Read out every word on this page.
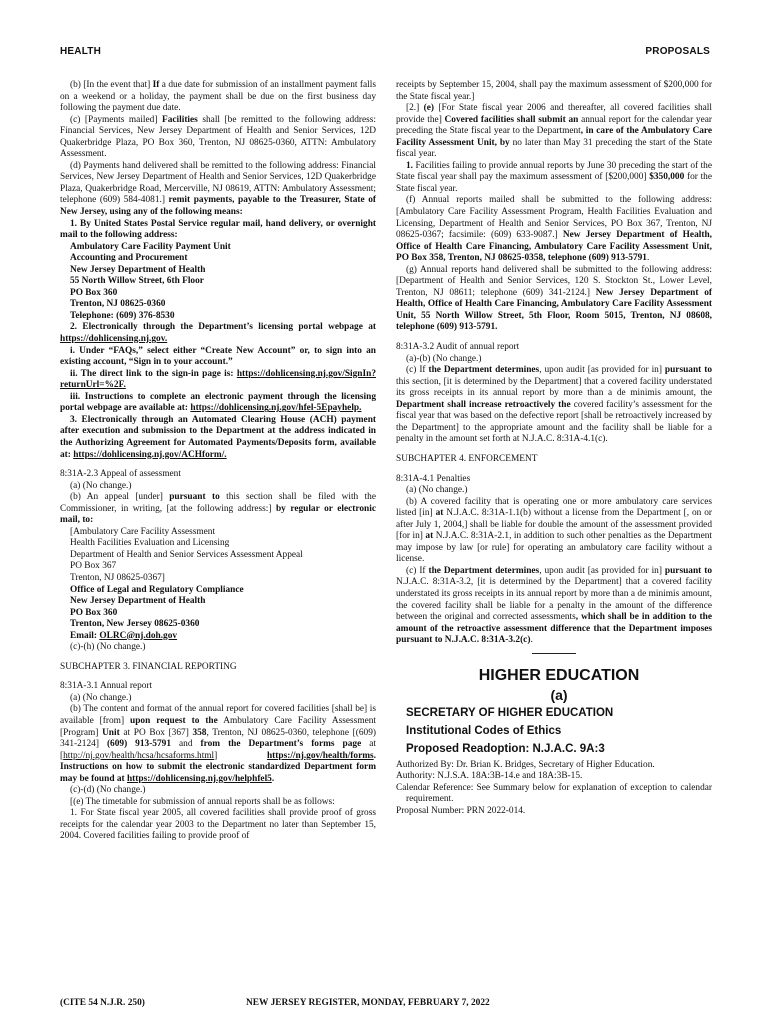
HEALTH	PROPOSALS

(b) [In the event that] If a due date for submission of an installment payment falls on a weekend or a holiday, the payment shall be due on the first business day following the payment due date.

(c) [Payments mailed] Facilities shall [be remitted to the following address: Financial Services, New Jersey Department of Health and Senior Services, 12D Quakerbridge Plaza, PO Box 360, Trenton, NJ 08625-0360, ATTN: Ambulatory Assessment.

(d) Payments hand delivered shall be remitted to the following address: Financial Services, New Jersey Department of Health and Senior Services, 12D Quakerbridge Plaza, Quakerbridge Road, Mercerville, NJ 08619, ATTN: Ambulatory Assessment; telephone (609) 584-4081.] remit payments, payable to the Treasurer, State of New Jersey, using any of the following means:

1. By United States Postal Service regular mail, hand delivery, or overnight mail to the following address:

Ambulatory Care Facility Payment Unit
Accounting and Procurement
New Jersey Department of Health
55 North Willow Street, 6th Floor
PO Box 360
Trenton, NJ 08625-0360
Telephone: (609) 376-8530

2. Electronically through the Department’s licensing portal webpage at https://dohlicensing.nj.gov.

i. Under “FAQs,” select either “Create New Account” or, to sign into an existing account, “Sign in to your account.”

ii. The direct link to the sign-in page is: https://dohlicensing.nj.gov/SignIn?returnUrl=%2F.

iii. Instructions to complete an electronic payment through the licensing portal webpage are available at: https://dohlicensing.nj.gov/hfel-5Epayhelp.

3. Electronically through an Automated Clearing House (ACH) payment after execution and submission to the Department at the address indicated in the Authorizing Agreement for Automated Payments/Deposits form, available at: https://dohlicensing.nj.gov/ACHform/.

8:31A-2.3 Appeal of assessment

(a) (No change.)

(b) An appeal [under] pursuant to this section shall be filed with the Commissioner, in writing, [at the following address:] by regular or electronic mail, to:

[Ambulatory Care Facility Assessment
Health Facilities Evaluation and Licensing
Department of Health and Senior Services Assessment Appeal
PO Box 367
Trenton, NJ 08625-0367]

Office of Legal and Regulatory Compliance
New Jersey Department of Health
PO Box 360
Trenton, New Jersey 08625-0360
Email: OLRC@nj.doh.gov

(c)-(h) (No change.)

SUBCHAPTER 3. FINANCIAL REPORTING

8:31A-3.1 Annual report

(a) (No change.)

(b) The content and format of the annual report for covered facilities [shall be] is available [from] upon request to the Ambulatory Care Facility Assessment [Program] Unit at PO Box [367] 358, Trenton, NJ 08625-0360, telephone [(609) 341-2124] (609) 913-5791 and from the Department’s forms page at [http://nj.gov/health/hcsa/hcsaforms.html] https://nj.gov/health/forms. Instructions on how to submit the electronic standardized Department form may be found at https://dohlicensing.nj.gov/helphfel5.

(c)-(d) (No change.)

[(e) The timetable for submission of annual reports shall be as follows:

1. For State fiscal year 2005, all covered facilities shall provide proof of gross receipts for the calendar year 2003 to the Department no later than September 15, 2004. Covered facilities failing to provide proof of

receipts by September 15, 2004, shall pay the maximum assessment of $200,000 for the State fiscal year.]

[2.] (e) [For State fiscal year 2006 and thereafter, all covered facilities shall provide the] Covered facilities shall submit an annual report for the calendar year preceding the State fiscal year to the Department, in care of the Ambulatory Care Facility Assessment Unit, by no later than May 31 preceding the start of the State fiscal year.

1. Facilities failing to provide annual reports by June 30 preceding the start of the State fiscal year shall pay the maximum assessment of [$200,000] $350,000 for the State fiscal year.

(f) Annual reports mailed shall be submitted to the following address: [Ambulatory Care Facility Assessment Program, Health Facilities Evaluation and Licensing, Department of Health and Senior Services, PO Box 367, Trenton, NJ 08625-0367; facsimile: (609) 633-9087.] New Jersey Department of Health, Office of Health Care Financing, Ambulatory Care Facility Assessment Unit, PO Box 358, Trenton, NJ 08625-0358, telephone (609) 913-5791.

(g) Annual reports hand delivered shall be submitted to the following address: [Department of Health and Senior Services, 120 S. Stockton St., Lower Level, Trenton, NJ 08611; telephone (609) 341-2124.] New Jersey Department of Health, Office of Health Care Financing, Ambulatory Care Facility Assessment Unit, 55 North Willow Street, 5th Floor, Room 5015, Trenton, NJ 08608, telephone (609) 913-5791.

8:31A-3.2 Audit of annual report

(a)-(b) (No change.)

(c) If the Department determines, upon audit [as provided for in] pursuant to this section, [it is determined by the Department] that a covered facility understated its gross receipts in its annual report by more than a de minimis amount, the Department shall increase retroactively the covered facility’s assessment for the fiscal year that was based on the defective report [shall be retroactively increased by the Department] to the appropriate amount and the facility shall be liable for a penalty in the amount set forth at N.J.A.C. 8:31A-4.1(c).

SUBCHAPTER 4. ENFORCEMENT

8:31A-4.1 Penalties

(a) (No change.)

(b) A covered facility that is operating one or more ambulatory care services listed [in] at N.J.A.C. 8:31A-1.1(b) without a license from the Department [, on or after July 1, 2004,] shall be liable for double the amount of the assessment provided [for in] at N.J.A.C. 8:31A-2.1, in addition to such other penalties as the Department may impose by law [or rule] for operating an ambulatory care facility without a license.

(c) If the Department determines, upon audit [as provided for in] pursuant to N.J.A.C. 8:31A-3.2, [it is determined by the Department] that a covered facility understated its gross receipts in its annual report by more than a de minimis amount, the covered facility shall be liable for a penalty in the amount of the difference between the original and corrected assessments, which shall be in addition to the amount of the retroactive assessment difference that the Department imposes pursuant to N.J.A.C. 8:31A-3.2(c).

HIGHER EDUCATION

(a)

SECRETARY OF HIGHER EDUCATION

Institutional Codes of Ethics

Proposed Readoption: N.J.A.C. 9A:3

Authorized By: Dr. Brian K. Bridges, Secretary of Higher Education.

Authority: N.J.S.A. 18A:3B-14.e and 18A:3B-15.

Calendar Reference: See Summary below for explanation of exception to calendar requirement.

Proposal Number: PRN 2022-014.

(CITE 54 N.J.R. 250)	NEW JERSEY REGISTER, MONDAY, FEBRUARY 7, 2022
